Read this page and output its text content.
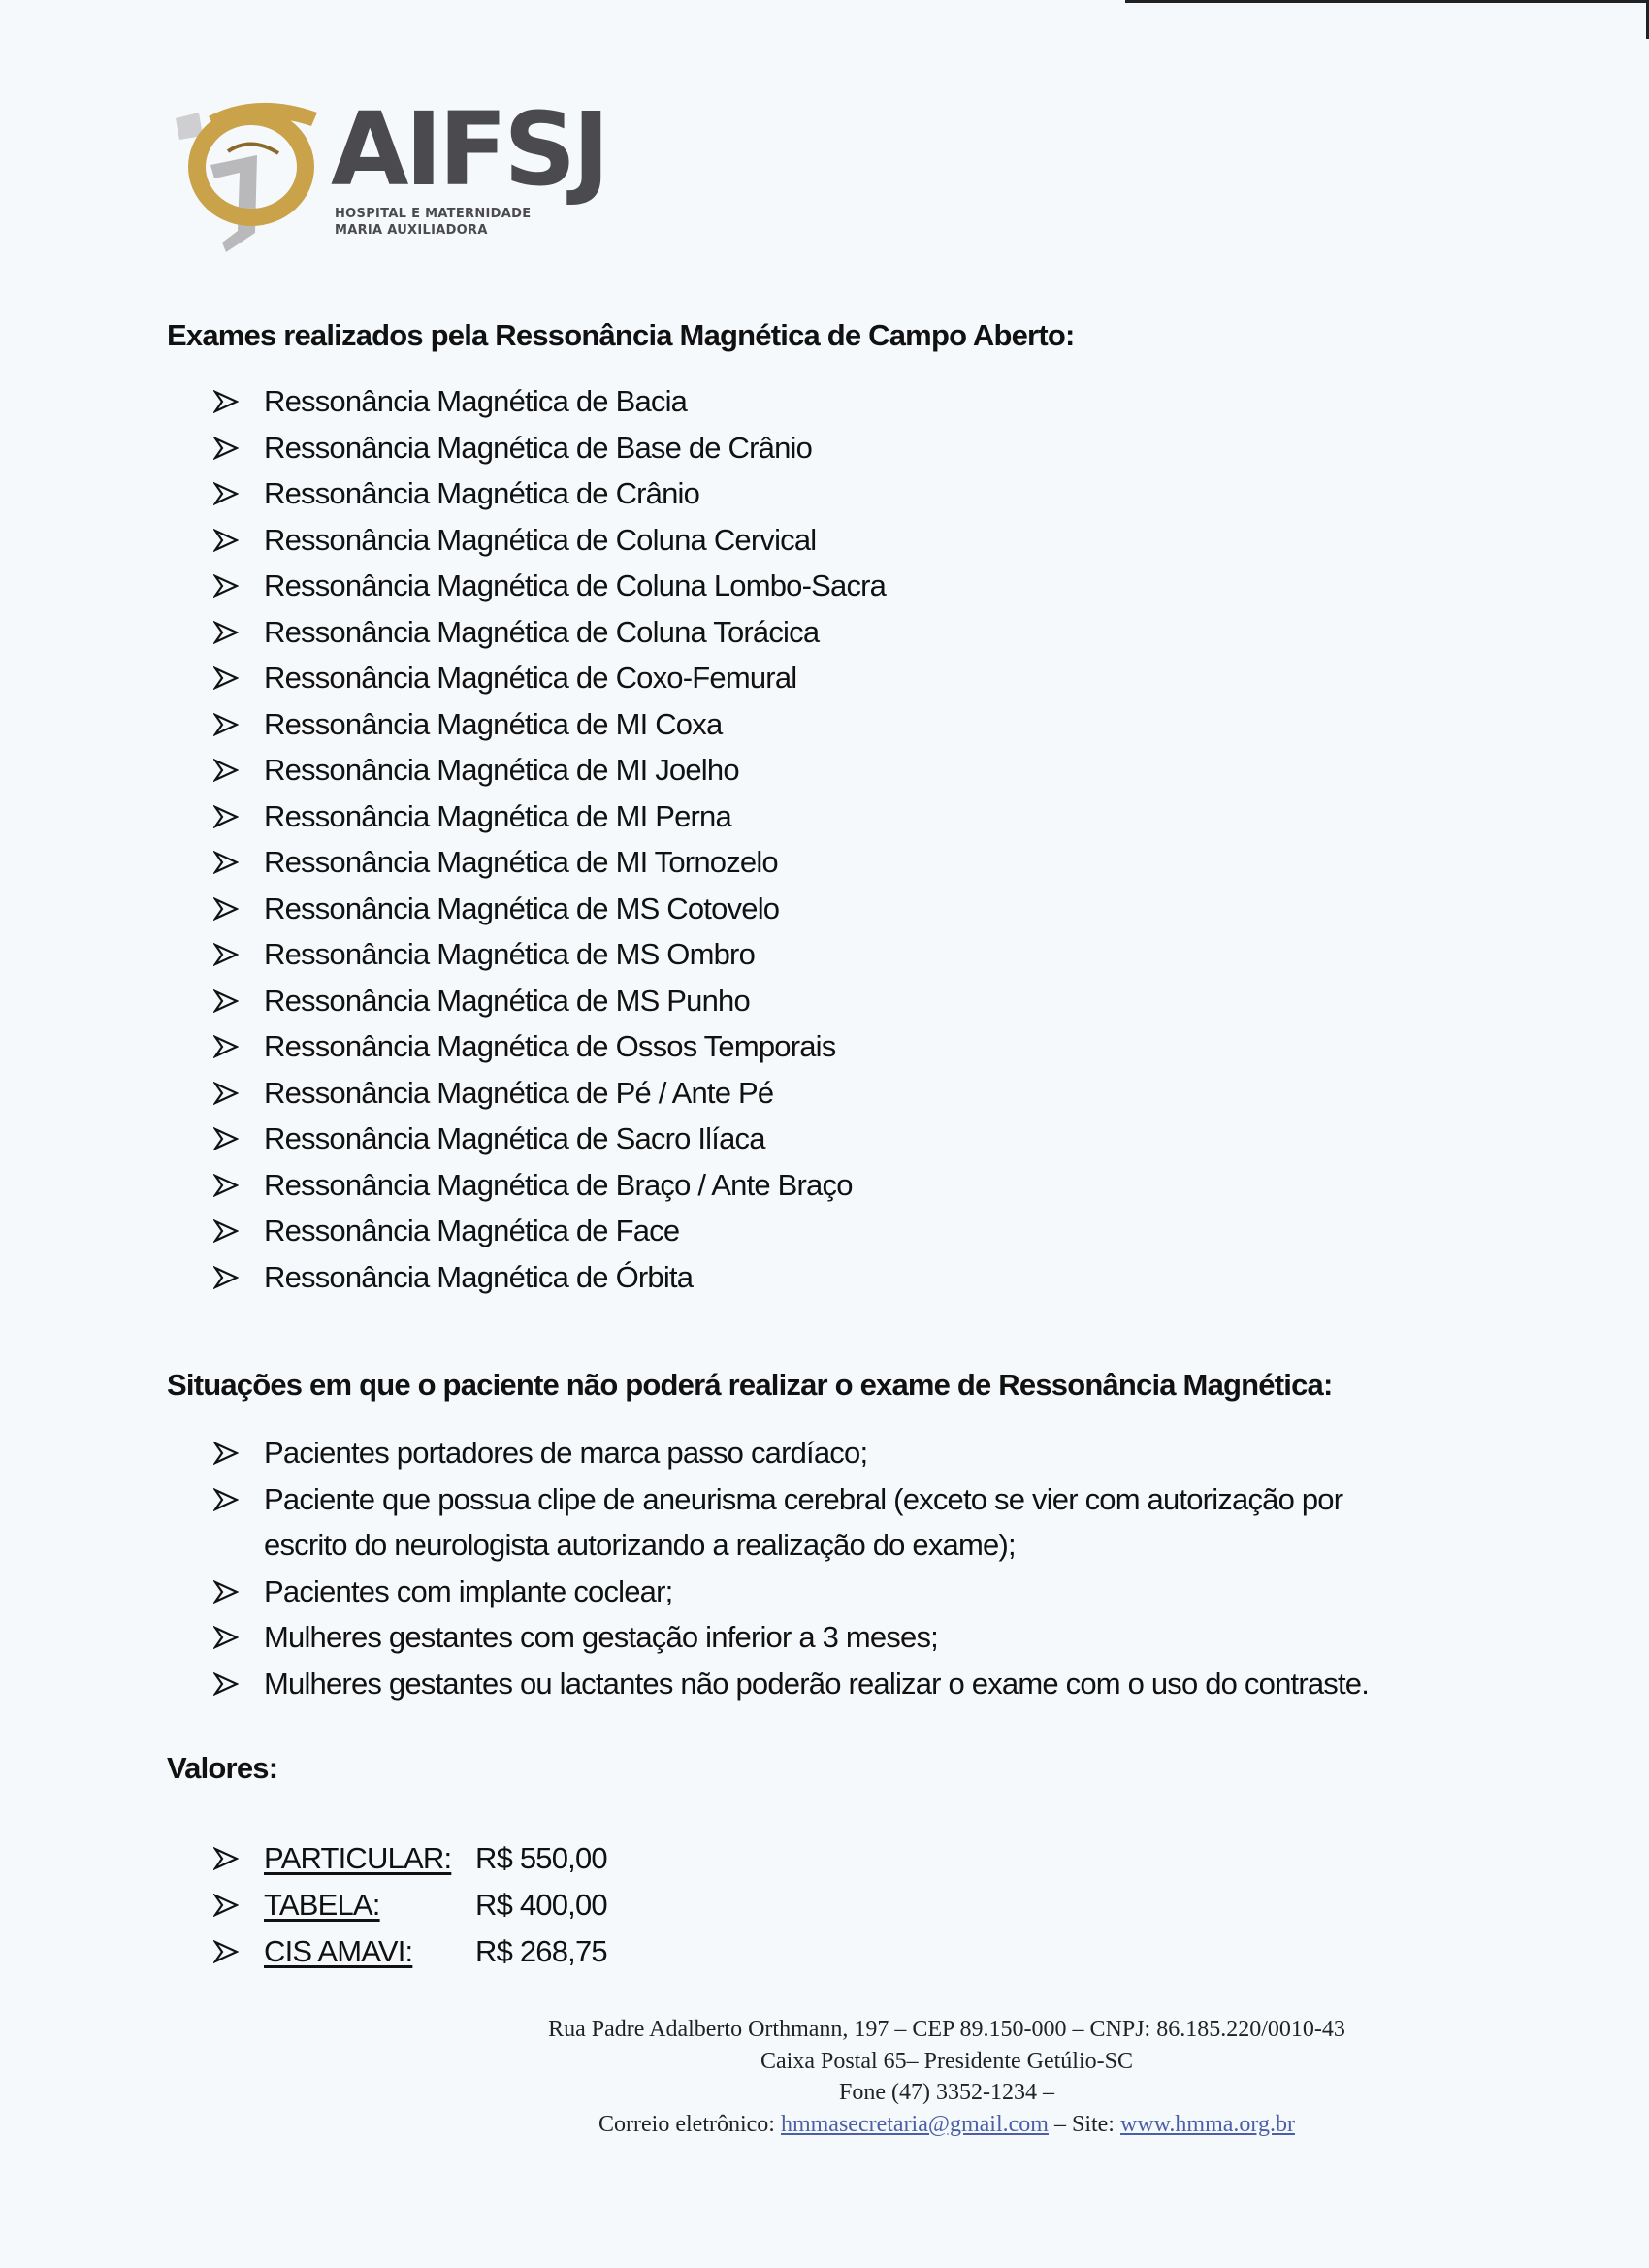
AIFSJ
HOSPITAL E MATERNIDADE
MARIA AUXILIADORA
Exames realizados pela Ressonância Magnética de Campo Aberto:
Ressonância Magnética de Bacia
Ressonância Magnética de Base de Crânio
Ressonância Magnética de Crânio
Ressonância Magnética de Coluna Cervical
Ressonância Magnética de Coluna Lombo-Sacra
Ressonância Magnética de Coluna Torácica
Ressonância Magnética de Coxo-Femural
Ressonância Magnética de MI Coxa
Ressonância Magnética de MI Joelho
Ressonância Magnética de MI Perna
Ressonância Magnética de MI Tornozelo
Ressonância Magnética de MS Cotovelo
Ressonância Magnética de MS Ombro
Ressonância Magnética de MS Punho
Ressonância Magnética de Ossos Temporais
Ressonância Magnética de Pé / Ante Pé
Ressonância Magnética de Sacro Ilíaca
Ressonância Magnética de Braço / Ante Braço
Ressonância Magnética de Face
Ressonância Magnética de Órbita
Situações em que o paciente não poderá realizar o exame de Ressonância Magnética:
Pacientes portadores de marca passo cardíaco;
Paciente que possua clipe de aneurisma cerebral (exceto se vier com autorização por escrito do neurologista autorizando a realização do exame);
Pacientes com implante coclear;
Mulheres gestantes com gestação inferior a 3 meses;
Mulheres gestantes ou lactantes não poderão realizar o exame com o uso do contraste.
Valores:
PARTICULAR: R$ 550,00
TABELA:	R$ 400,00
CIS AMAVI: R$ 268,75
Rua Padre Adalberto Orthmann, 197 – CEP 89.150-000 – CNPJ: 86.185.220/0010-43
Caixa Postal 65– Presidente Getúlio-SC
Fone (47) 3352-1234 –
Correio eletrônico: hmmasecretaria@gmail.com – Site: www.hmma.org.br
